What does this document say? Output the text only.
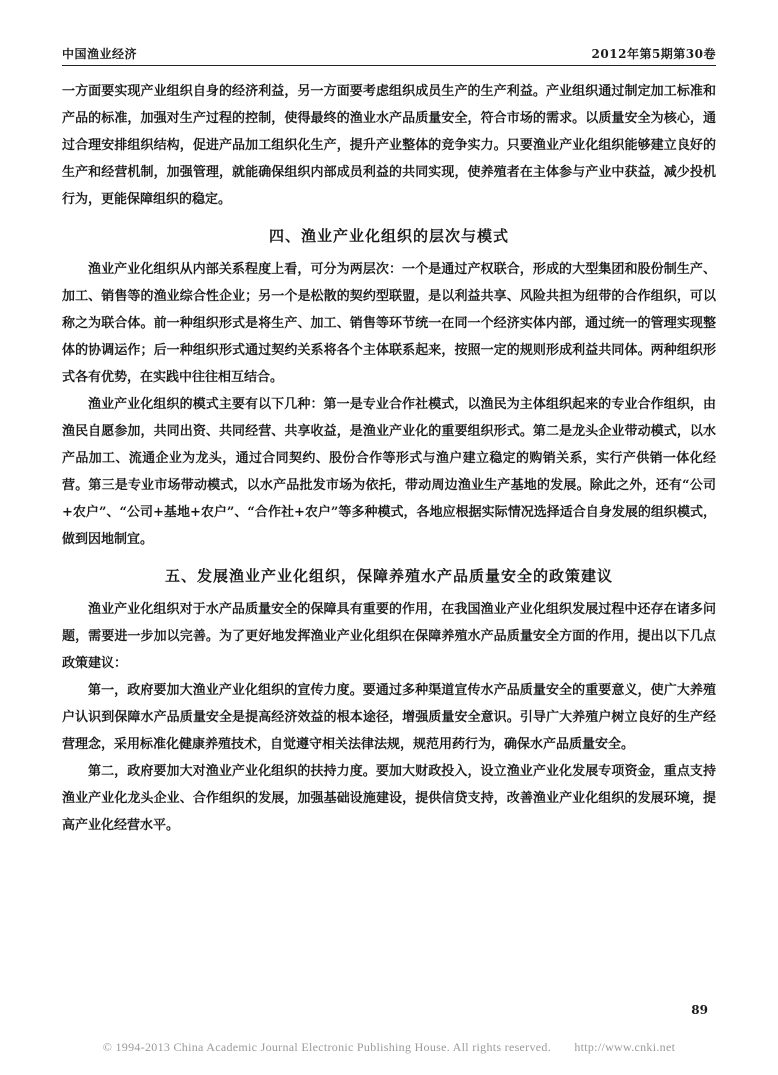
中国渔业经济	2012年第5期第30卷

一方面要实现产业组织自身的经济利益，另一方面要考虑组织成员生产的生产利益。产业组织通过制定加工标准和产品的标准，加强对生产过程的控制，使得最终的渔业水产品质量安全，符合市场的需求。以质量安全为核心，通过合理安排组织结构，促进产品加工组织化生产，提升产业整体的竞争实力。只要渔业产业化组织能够建立良好的生产和经营机制，加强管理，就能确保组织内部成员利益的共同实现，使养殖者在主体参与产业中获益，减少投机行为，更能保障组织的稳定。

四、渔业产业化组织的层次与模式

渔业产业化组织从内部关系程度上看，可分为两层次：一个是通过产权联合，形成的大型集团和股份制生产、加工、销售等的渔业综合性企业；另一个是松散的契约型联盟，是以利益共享、风险共担为纽带的合作组织，可以称之为联合体。前一种组织形式是将生产、加工、销售等环节统一在同一个经济实体内部，通过统一的管理实现整体的协调运作；后一种组织形式通过契约关系将各个主体联系起来，按照一定的规则形成利益共同体。两种组织形式各有优势，在实践中往往相互结合。

渔业产业化组织的模式主要有以下几种：第一是专业合作社模式，以渔民为主体组织起来的专业合作组织，由渔民自愿参加，共同出资、共同经营、共享收益，是渔业产业化的重要组织形式。第二是龙头企业带动模式，以水产品加工、流通企业为龙头，通过合同契约、股份合作等形式与渔户建立稳定的购销关系，实行产供销一体化经营。第三是专业市场带动模式，以水产品批发市场为依托，带动周边渔业生产基地的发展。除此之外，还有“公司+农户”、“公司+基地+农户”、“合作社+农户”等多种模式，各地应根据实际情况选择适合自身发展的组织模式，做到因地制宜。

五、发展渔业产业化组织，保障养殖水产品质量安全的政策建议

渔业产业化组织对于水产品质量安全的保障具有重要的作用，在我国渔业产业化组织发展过程中还存在诸多问题，需要进一步加以完善。为了更好地发挥渔业产业化组织在保障养殖水产品质量安全方面的作用，提出以下几点政策建议：

第一，政府要加大渔业产业化组织的宣传力度。要通过多种渠道宣传水产品质量安全的重要意义，使广大养殖户认识到保障水产品质量安全是提高经济效益的根本途径，增强质量安全意识。引导广大养殖户树立良好的生产经营理念，采用标准化健康养殖技术，自觉遵守相关法律法规，规范用药行为，确保水产品质量安全。

第二，政府要加大对渔业产业化组织的扶持力度。要加大财政投入，设立渔业产业化发展专项资金，重点支持渔业产业化龙头企业、合作组织的发展，加强基础设施建设，提供信贷支持，改善渔业产业化组织的发展环境，提高产业化经营水平。

89
© 1994-2013 China Academic Journal Electronic Publishing House. All rights reserved. http://www.cnki.net
